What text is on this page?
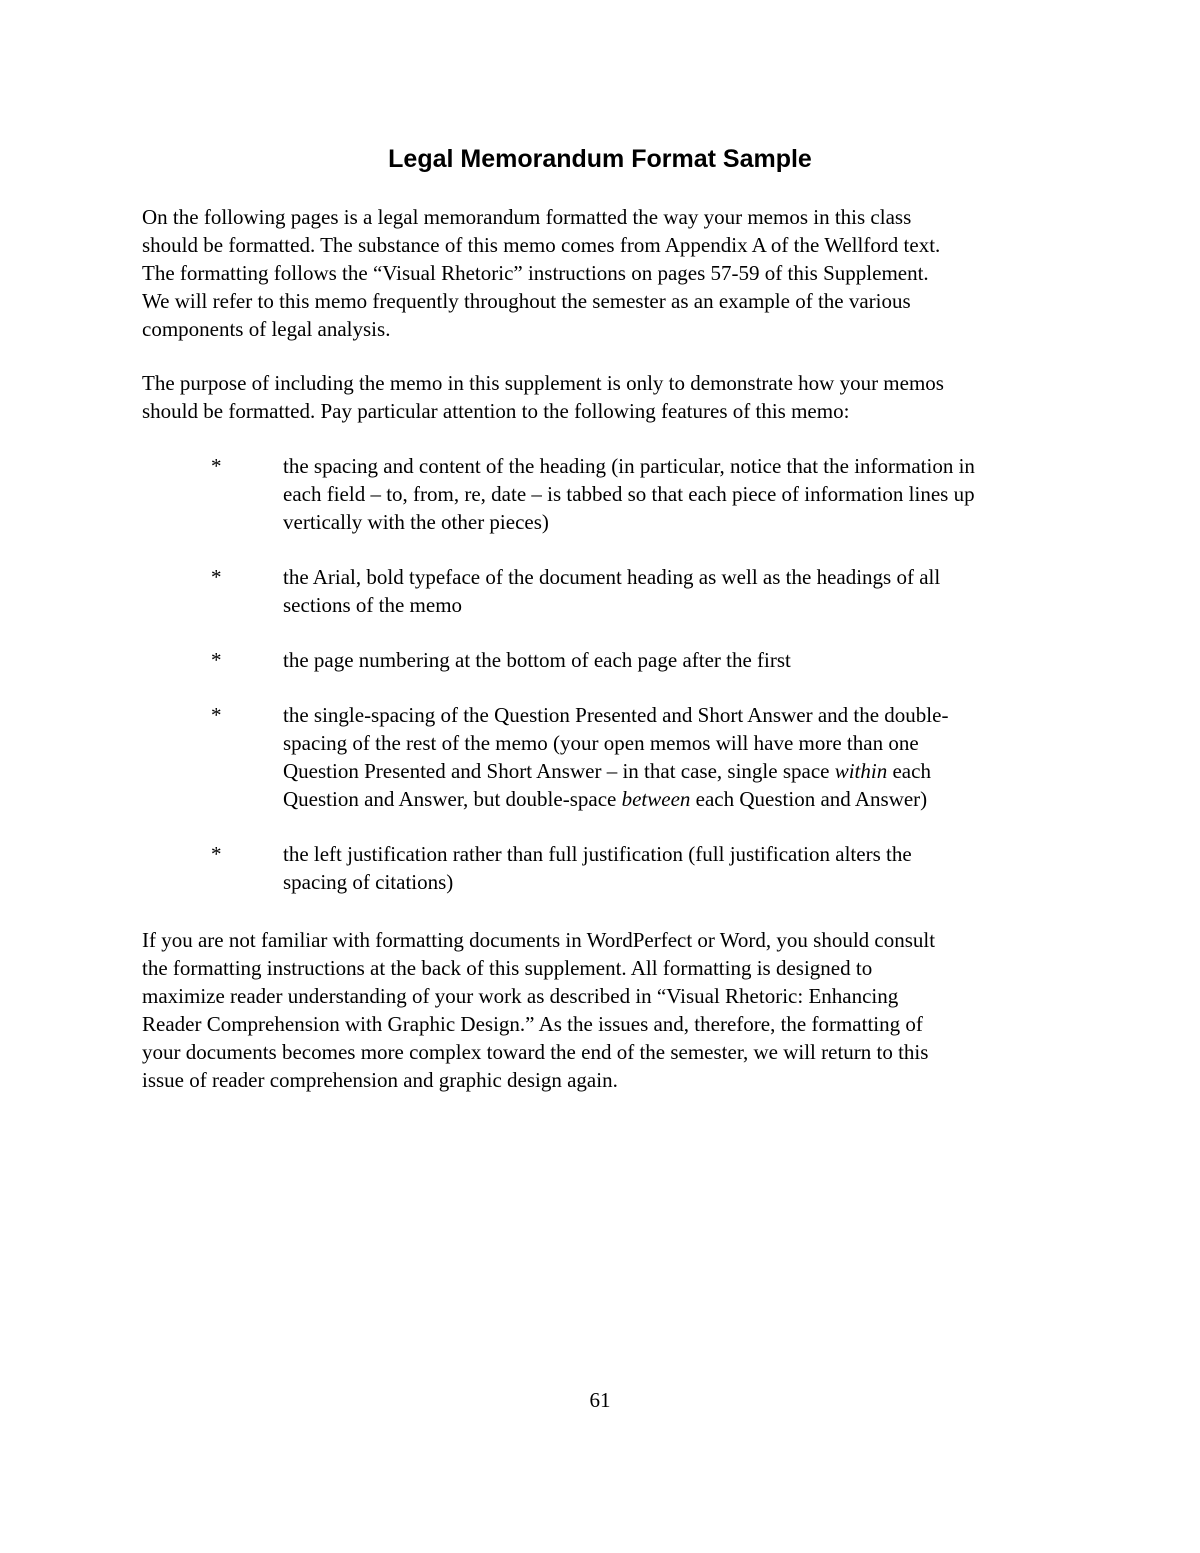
Legal Memorandum Format Sample

On the following pages is a legal memorandum formatted the way your memos in this class
should be formatted. The substance of this memo comes from Appendix A of the Wellford text.
The formatting follows the “Visual Rhetoric” instructions on pages 57-59 of this Supplement.
We will refer to this memo frequently throughout the semester as an example of the various
components of legal analysis.

The purpose of including the memo in this supplement is only to demonstrate how your memos
should be formatted. Pay particular attention to the following features of this memo:

*	the spacing and content of the heading (in particular, notice that the information in
each field – to, from, re, date – is tabbed so that each piece of information lines up
vertically with the other pieces)
*	the Arial, bold typeface of the document heading as well as the headings of all
sections of the memo
*	the page numbering at the bottom of each page after the first
*	the single-spacing of the Question Presented and Short Answer and the double-
spacing of the rest of the memo (your open memos will have more than one
Question Presented and Short Answer – in that case, single space within each
Question and Answer, but double-space between each Question and Answer)
*	the left justification rather than full justification (full justification alters the
spacing of citations)

If you are not familiar with formatting documents in WordPerfect or Word, you should consult
the formatting instructions at the back of this supplement. All formatting is designed to
maximize reader understanding of your work as described in “Visual Rhetoric: Enhancing
Reader Comprehension with Graphic Design.” As the issues and, therefore, the formatting of
your documents becomes more complex toward the end of the semester, we will return to this
issue of reader comprehension and graphic design again.

61
